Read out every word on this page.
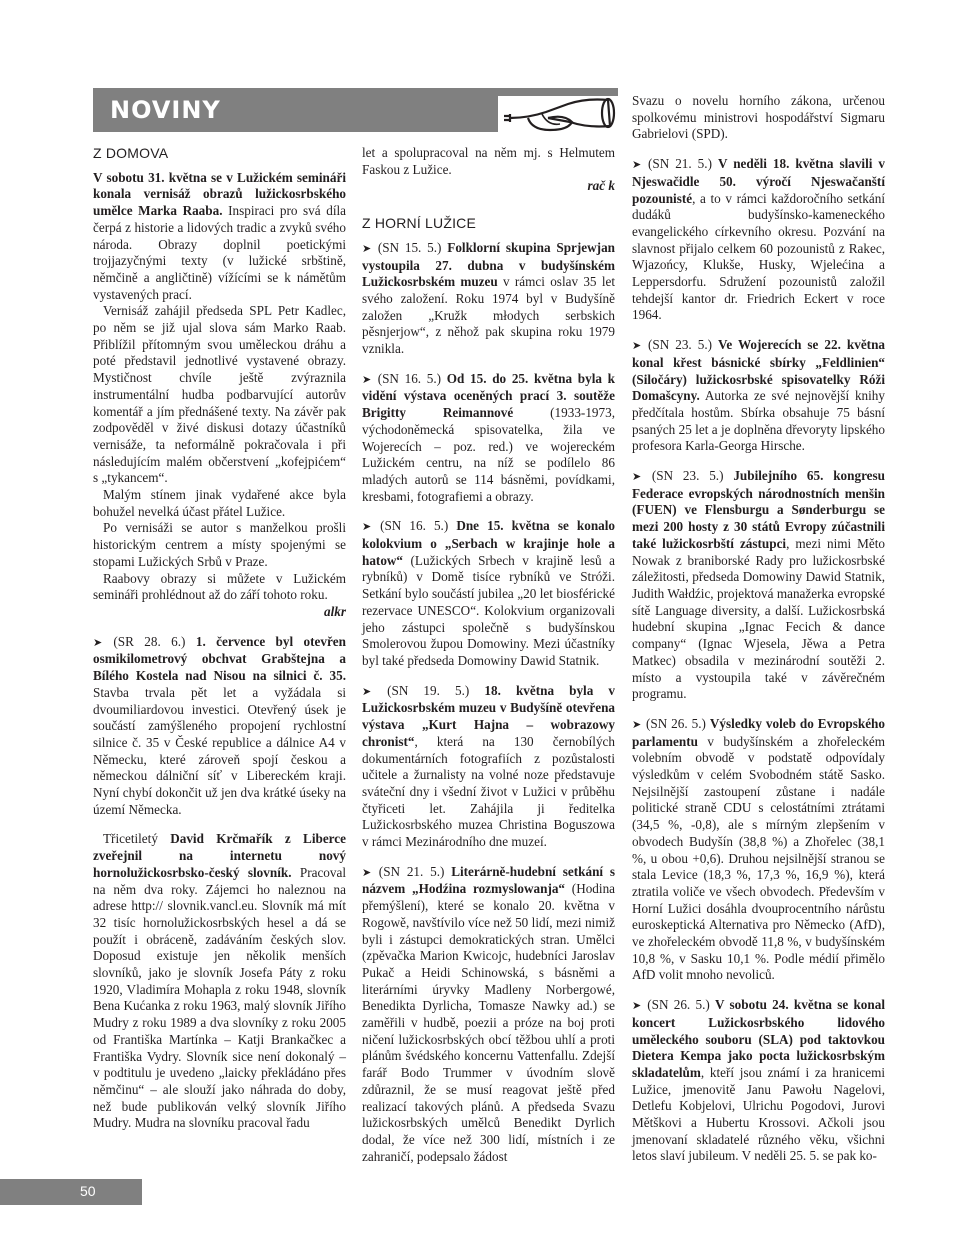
NOVINY
Z DOMOVA

V sobotu 31. května se v Lužickém semináři konala vernisáž obrazů lužickosrbského umělce Marka Raaba. Inspiraci pro svá díla čerpá z historie a lidových tradic a zvyků svého národa. Obrazy doplnil poetickými trojjazyčnými texty (v lužické srbštině, němčině a angličtině) vížícími se k námětům vystavených prací.

Vernisáž zahájil předseda SPL Petr Kadlec, po něm se již ujal slova sám Marko Raab. Přiblížil přítomným svou uměleckou dráhu a poté představil jednotlivé vystavené obrazy. Mystičnost chvíle ještě zvýraznila instrumentální hudba podbarvující autorův komentář a jím přednášené texty. Na závěr pak zodpověděl v živé diskusi dotazy účastníků vernisáže, ta neformálně pokračovala i při následujícím malém občerstvení „kofejpićem“ s „tykancem“.

Malým stínem jinak vydařené akce byla bohužel nevelká účast přátel Lužice.

Po vernisáži se autor s manželkou prošli historickým centrem a místy spojenými se stopami Lužických Srbů v Praze.

Raabovy obrazy si můžete v Lužickém semináři prohlédnout až do září tohoto roku.

alkr

➤ (SR 28. 6.) 1. července byl otevřen osmikilometrový obchvat Grabštejna a Bílého Kostela nad Nisou na silnici č. 35. Stavba trvala pět let a vyžádala si dvoumiliardovou investici. Otevřený úsek je součástí zamýšleného propojení rychlostní silnice č. 35 v České republice a dálnice A4 v Německu, které zároveň spojí českou a německou dálniční síť v Libereckém kraji. Nyní chybí dokončit už jen dva krátké úseky na území Německa.

Třicetiletý David Krčmařík z Liberce zveřejnil na internetu nový hornolužickosrbsko-český slovník. Pracoval na něm dva roky. Zájemci ho naleznou na adrese http:// slovnik.vancl.eu. Slovník má mít 32 tisíc hornolužickosrbských hesel a dá se použít i obráceně, zadáváním českých slov. Doposud existuje jen několik menších slovníků, jako je slovník Josefa Páty z roku 1920, Vladimíra Mohapla z roku 1948, slovník Bena Kućanka z roku 1963, malý slovník Jiřího Mudry z roku 1989 a dva slovníky z roku 2005 od Františka Martínka – Katji Brankačkec a Františka Vydry. Slovník sice není dokonalý – v podtitulu je uvedeno „laicky překládáno přes němčinu“ – ale slouží jako náhrada do doby, než bude publikován velký slovník Jiřího Mudry. Mudra na slovníku pracoval řadu

let a spolupracoval na něm mj. s Helmutem Faskou z Lužice.

rač k

Z HORNÍ LUŽICE

➤ (SN 15. 5.) Folklorní skupina Sprjewjan vystoupila 27. dubna v budyšínském Lužickosrbském muzeu v rámci oslav 35 let svého založení. Roku 1974 byl v Budyšíně založen „Kružk młodych serbskich pěsnjerjow“, z něhož pak skupina roku 1979 vznikla.

➤ (SN 16. 5.) Od 15. do 25. května byla k vidění výstava oceněných prací 3. soutěže Brigitty Reimannové	(1933-1973, východoněmecká spisovatelka, žila ve Wojerecích – poz. red.) ve wojereckém Lužickém centru, na níž se podílelo 86 mladých autorů se 114 básněmi, povídkami, kresbami, fotografiemi a obrazy.

➤ (SN 16. 5.) Dne 15. května se konalo kolokvium o „Serbach w krajinje hole a hatow“ (Lužických Srbech v krajině lesů a rybníků) v Domě tisíce rybníků ve Stróži. Setkání bylo součástí jubilea „20 let biosférické rezervace UNESCO“. Kolokvium organizovali jeho zástupci společně s budyšínskou Smolerovou župou Domowiny. Mezi účastníky byl také předseda Domowiny Dawid Statnik.

➤ (SN 19. 5.) 18. května byla v Lužickosrbském muzeu v Budyšíně otevřena výstava „Kurt Hajna – wobrazowy chronist“, která na 130 černobílých dokumentárních fotografiích z pozůstalosti učitele a žurnalisty na volné noze představuje sváteční dny i všední život v Lužici v průběhu čtyřiceti let. Zahájila ji ředitelka Lužickosrbského muzea Christina Boguszowa v rámci Mezinárodního dne muzeí.

➤ (SN 21. 5.) Literárně-hudební setkání s názvem „Hodźina rozmyslowanja“ (Hodina přemýšlení), které se konalo 20. května v Rogowě, navštívilo více než 50 lidí, mezi nimiž byli i zástupci demokratických stran. Umělci (zpěvačka Marion Kwicojc, hudebníci Jaroslav Pukač a Heidi Schinowská, s básněmi a literárními úryvky Madleny Norbergowé, Benedikta Dyrlicha, Tomasze Nawky ad.) se zaměřili v hudbě, poezii a próze na boj proti ničení lužickosrbských obcí těžbou uhlí a proti plánům švédského koncernu Vattenfallu. Zdejší farář Bodo Trummer v úvodním slově zdůraznil, že se musí reagovat ještě před realizací takových plánů. A předseda Svazu lužickosrbských umělců Benedikt Dyrlich dodal, že více než 300 lidí, místních i ze zahraničí, podepsalo žádost

Svazu o novelu horního zákona, určenou spolkovému ministrovi hospodářství Sigmaru Gabrielovi (SPD).

➤ (SN 21. 5.) V neděli 18. května slavili v Njeswačidle 50. výročí Njeswačanští pozounisté, a to v rámci každoročního setkání dudáků budyšínsko-kameneckého evangelického církevního okresu. Pozvání na slavnost přijalo celkem 60 pozounistů z Rakec, Wjazońcy, Klukše, Husky, Wjelećina a Leppersdorfu. Sdružení pozounistů založil tehdejší kantor dr. Friedrich Eckert v roce 1964.

➤ (SN 23. 5.) Ve Wojerecích se 22. května konal křest básnické sbírky „Feldlinien“ (Siločáry) lužickosrbské spisovatelky Róži Domašcyny. Autorka ze své nejnovější knihy předčítala hostům. Sbírka obsahuje 75 básní psaných 25 let a je doplněna dřevoryty lipského profesora Karla-Georga Hirsche.

➤ (SN 23. 5.) Jubilejního 65. kongresu Federace evropských národnostních menšin (FUEN) ve Flensburgu a Sønderburgu se mezi 200 hosty z 30 států Evropy zúčastnili také lužickosrbští zástupci, mezi nimi Měto Nowak z braniborské Rady pro lužickosrbské záležitosti, předseda Domowiny Dawid Statnik, Judith Wałdźic, projektová manažerka evropské sítě Language diversity, a další. Lužickosrbská hudební skupina „Ignac Fecich & dance company“ (Ignac Wjesela, Jěwa a Petra Matkec) obsadila v mezinárodní soutěži 2. místo a vystoupila také v závěrečném programu.

➤ (SN 26. 5.) Výsledky voleb do Evropského parlamentu v budyšínském a zhořeleckém volebním obvodě v podstatě odpovídaly výsledkům v celém Svobodném státě Sasko. Nejsilnější zastoupení zůstane i nadále politické straně CDU s celostátními ztrátami (34,5 %, -0,8), ale s mírným zlepšením v obvodech Budyšín (38,8 %) a Zhořelec (38,1 %, u obou +0,6). Druhou nejsilnější stranou se stala Levice (18,3 %, 17,3 %, 16,9 %), která ztratila voliče ve všech obvodech. Především v Horní Lužici dosáhla dvouprocentního nárůstu euroskeptická Alternativa pro Německo (AfD), ve zhořeleckém obvodě 11,8 %, v budyšínském 10,8 %, v Sasku 10,1 %. Podle médií přimělo AfD volit mnoho nevoliců.

➤ (SN 26. 5.) V sobotu 24. května se konal koncert Lužickosrbského lidového uměleckého souboru (SLA) pod taktovkou Dietera Kempa jako pocta lužickosrbským skladatelům, kteří jsou známí i za hranicemi Lužice, jmenovitě Janu Pawołu Nagelovi, Detlefu Kobjelovi, Ulrichu Pogodovi, Jurovi Mětškovi a Hubertu Krossovi. Ačkoli jsou jmenovaní skladatelé různého věku, všichni letos slaví jubileum. V neděli 25. 5. se pak ko-

50
